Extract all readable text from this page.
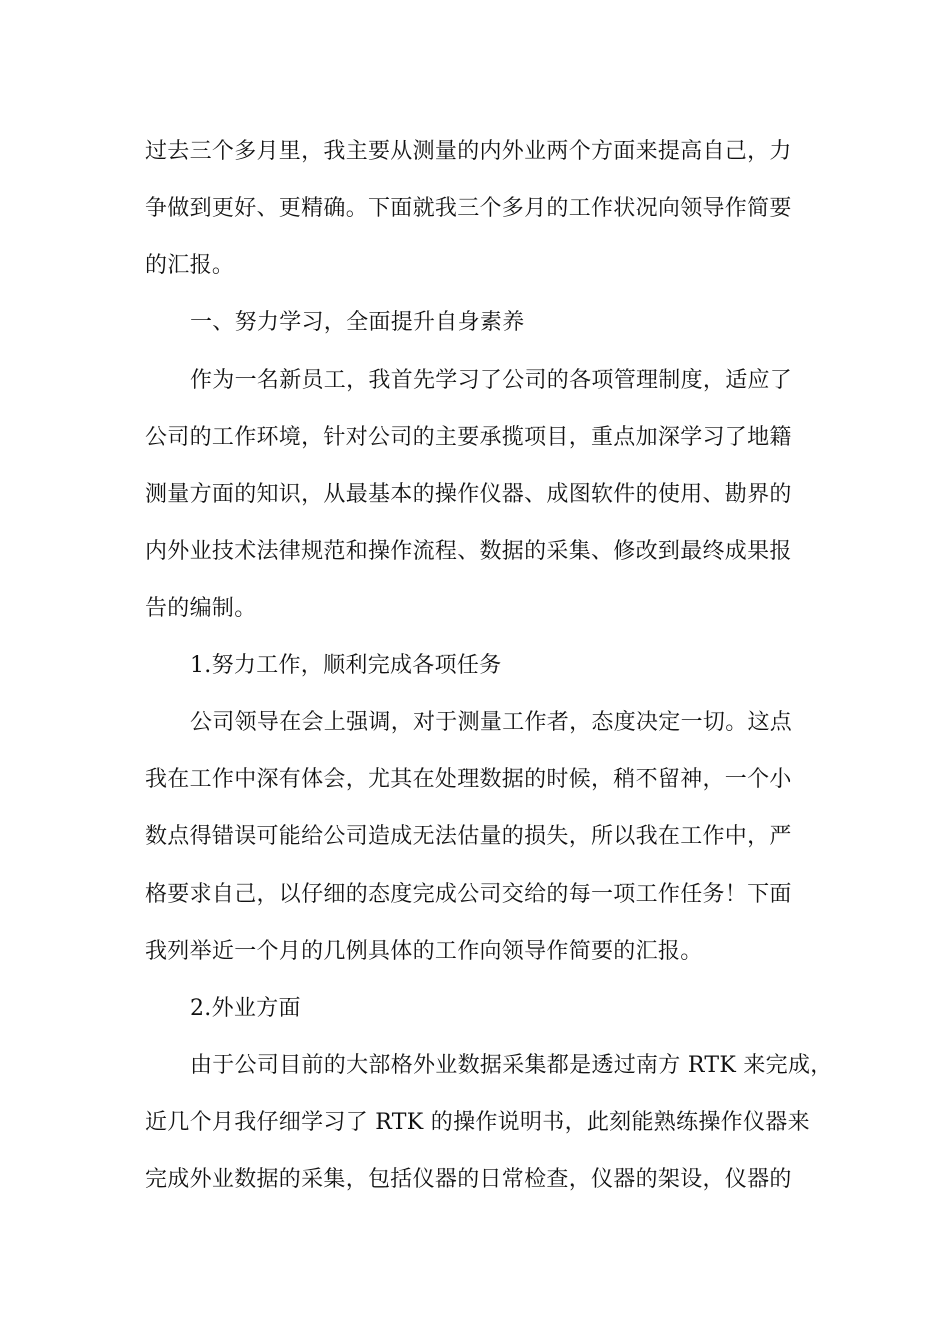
过去三个多月里，我主要从测量的内外业两个方面来提高自己，力
争做到更好、更精确。下面就我三个多月的工作状况向领导作简要
的汇报。
一、努力学习，全面提升自身素养
作为一名新员工，我首先学习了公司的各项管理制度，适应了
公司的工作环境，针对公司的主要承揽项目，重点加深学习了地籍
测量方面的知识，从最基本的操作仪器、成图软件的使用、勘界的
内外业技术法律规范和操作流程、数据的采集、修改到最终成果报
告的编制。
1.努力工作，顺利完成各项任务
公司领导在会上强调，对于测量工作者，态度决定一切。这点
我在工作中深有体会，尤其在处理数据的时候，稍不留神，一个小
数点得错误可能给公司造成无法估量的损失，所以我在工作中，严
格要求自己，以仔细的态度完成公司交给的每一项工作任务！下面
我列举近一个月的几例具体的工作向领导作简要的汇报。
2.外业方面
由于公司目前的大部格外业数据采集都是透过南方 RTK 来完成，
近几个月我仔细学习了 RTK 的操作说明书，此刻能熟练操作仪器来
完成外业数据的采集，包括仪器的日常检查，仪器的架设，仪器的
